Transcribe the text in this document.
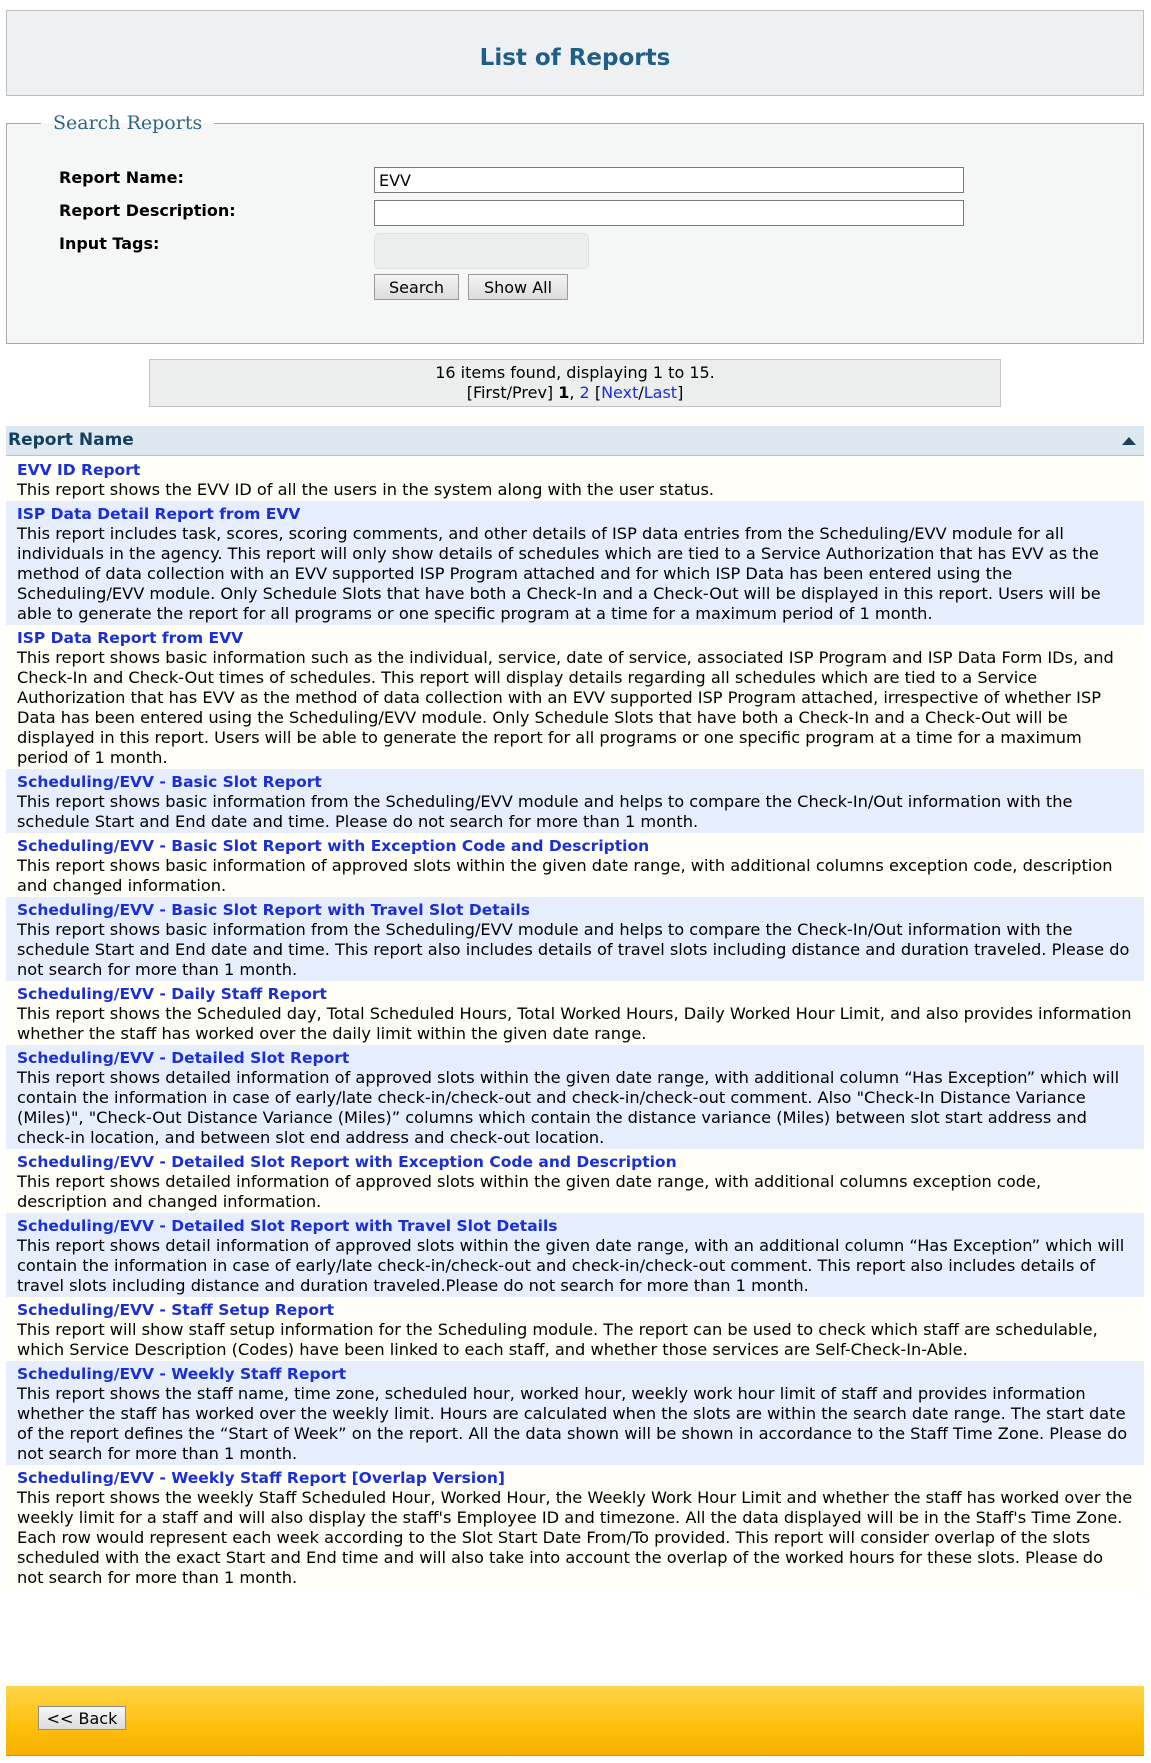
List of Reports
Search Reports
Report Name:
EVV
Report Description:
Input Tags:
Search	Show All
16 items found, displaying 1 to 15.
[First/Prev] 1, 2 [Next/Last]
Report Name
EVV ID Report
This report shows the EVV ID of all the users in the system along with the user status.
ISP Data Detail Report from EVV
This report includes task, scores, scoring comments, and other details of ISP data entries from the Scheduling/EVV module for all individuals in the agency. This report will only show details of schedules which are tied to a Service Authorization that has EVV as the method of data collection with an EVV supported ISP Program attached and for which ISP Data has been entered using the Scheduling/EVV module. Only Schedule Slots that have both a Check-In and a Check-Out will be displayed in this report. Users will be able to generate the report for all programs or one specific program at a time for a maximum period of 1 month.
ISP Data Report from EVV
This report shows basic information such as the individual, service, date of service, associated ISP Program and ISP Data Form IDs, and Check-In and Check-Out times of schedules. This report will display details regarding all schedules which are tied to a Service Authorization that has EVV as the method of data collection with an EVV supported ISP Program attached, irrespective of whether ISP Data has been entered using the Scheduling/EVV module. Only Schedule Slots that have both a Check-In and a Check-Out will be displayed in this report. Users will be able to generate the report for all programs or one specific program at a time for a maximum period of 1 month.
Scheduling/EVV - Basic Slot Report
This report shows basic information from the Scheduling/EVV module and helps to compare the Check-In/Out information with the schedule Start and End date and time. Please do not search for more than 1 month.
Scheduling/EVV - Basic Slot Report with Exception Code and Description
This report shows basic information of approved slots within the given date range, with additional columns exception code, description and changed information.
Scheduling/EVV - Basic Slot Report with Travel Slot Details
This report shows basic information from the Scheduling/EVV module and helps to compare the Check-In/Out information with the schedule Start and End date and time. This report also includes details of travel slots including distance and duration traveled. Please do not search for more than 1 month.
Scheduling/EVV - Daily Staff Report
This report shows the Scheduled day, Total Scheduled Hours, Total Worked Hours, Daily Worked Hour Limit, and also provides information whether the staff has worked over the daily limit within the given date range.
Scheduling/EVV - Detailed Slot Report
This report shows detailed information of approved slots within the given date range, with additional column “Has Exception” which will contain the information in case of early/late check-in/check-out and check-in/check-out comment. Also "Check-In Distance Variance (Miles)", "Check-Out Distance Variance (Miles)” columns which contain the distance variance (Miles) between slot start address and check-in location, and between slot end address and check-out location.
Scheduling/EVV - Detailed Slot Report with Exception Code and Description
This report shows detailed information of approved slots within the given date range, with additional columns exception code, description and changed information.
Scheduling/EVV - Detailed Slot Report with Travel Slot Details
This report shows detail information of approved slots within the given date range, with an additional column “Has Exception” which will contain the information in case of early/late check-in/check-out and check-in/check-out comment. This report also includes details of travel slots including distance and duration traveled.Please do not search for more than 1 month.
Scheduling/EVV - Staff Setup Report
This report will show staff setup information for the Scheduling module. The report can be used to check which staff are schedulable, which Service Description (Codes) have been linked to each staff, and whether those services are Self-Check-In-Able.
Scheduling/EVV - Weekly Staff Report
This report shows the staff name, time zone, scheduled hour, worked hour, weekly work hour limit of staff and provides information whether the staff has worked over the weekly limit. Hours are calculated when the slots are within the search date range. The start date of the report defines the “Start of Week” on the report. All the data shown will be shown in accordance to the Staff Time Zone. Please do not search for more than 1 month.
Scheduling/EVV - Weekly Staff Report [Overlap Version]
This report shows the weekly Staff Scheduled Hour, Worked Hour, the Weekly Work Hour Limit and whether the staff has worked over the weekly limit for a staff and will also display the staff's Employee ID and timezone. All the data displayed will be in the Staff's Time Zone. Each row would represent each week according to the Slot Start Date From/To provided. This report will consider overlap of the slots scheduled with the exact Start and End time and will also take into account the overlap of the worked hours for these slots. Please do not search for more than 1 month.
<< Back
